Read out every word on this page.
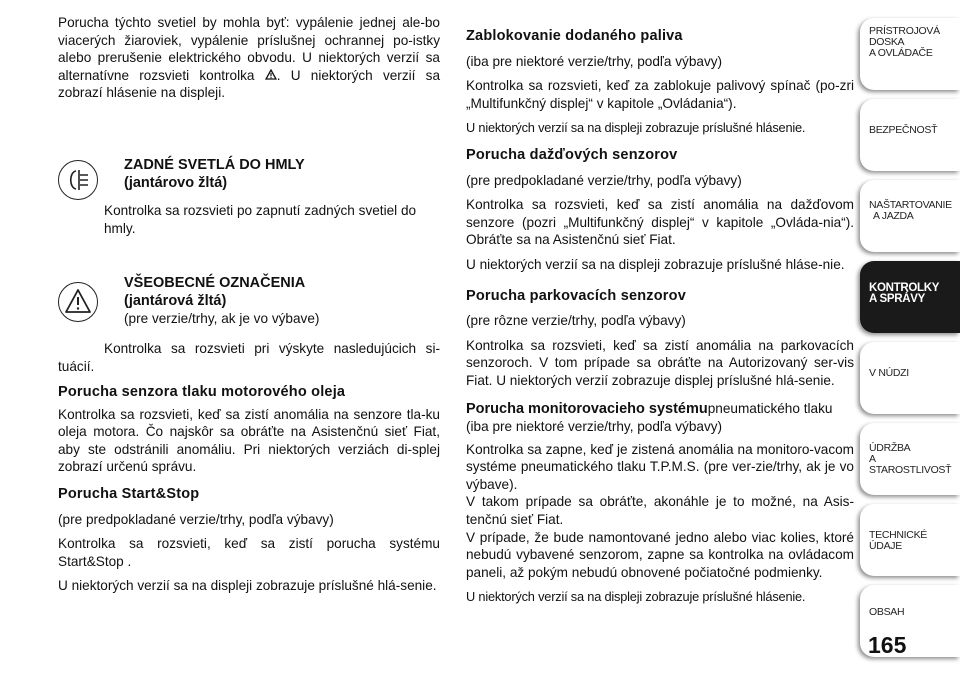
Porucha týchto svetiel by mohla byť: vypálenie jednej ale-bo viacerých žiaroviek, vypálenie príslušnej ochrannej po-istky alebo prerušenie elektrického obvodu. U niektorých verzií sa alternatívne rozsvieti kontrolka . U niektorých verzií sa zobrazí hlásenie na displeji.

ZADNÉ SVETLÁ DO HMLY
(jantárovo žltá)
Kontrolka sa rozsvieti po zapnutí zadných svetiel do hmly.
VŠEOBECNÉ OZNAČENIA
(jantárová žltá)
(pre verzie/trhy, ak je vo výbave)
Kontrolka sa rozsvieti pri výskyte nasledujúcich si-tuácií.

Porucha senzora tlaku motorového oleja

Kontrolka sa rozsvieti, keď sa zistí anomália na senzore tla-ku oleja motora. Čo najskôr sa obráťte na Asistenčnú sieť Fiat, aby ste odstránili anomáliu. Pri niektorých verziách di-splej zobrazí určenú správu.

Porucha Start&Stop

(pre predpokladané verzie/trhy, podľa výbavy)

Kontrolka sa rozsvieti, keď sa zistí porucha systému Start&Stop .

U niektorých verzií sa na displeji zobrazuje príslušné hlá-senie.

Zablokovanie dodaného paliva

(iba pre niektoré verzie/trhy, podľa výbavy)

Kontrolka sa rozsvieti, keď za zablokuje palivový spínač (po-zri „Multifunkčný displej“ v kapitole „Ovládania“).

U niektorých verzií sa na displeji zobrazuje príslušné hlásenie.

Porucha dažďových senzorov

(pre predpokladané verzie/trhy, podľa výbavy)

Kontrolka sa rozsvieti, keď sa zistí anomália na dažďovom senzore (pozri „Multifunkčný displej“ v kapitole „Ovláda-nia“). Obráťte sa na Asistenčnú sieť Fiat.

U niektorých verzií sa na displeji zobrazuje príslušné hláse-nie.

Porucha parkovacích senzorov

(pre rôzne verzie/trhy, podľa výbavy)

Kontrolka sa rozsvieti, keď sa zistí anomália na parkovacích senzoroch. V tom prípade sa obráťte na Autorizovaný ser-vis Fiat. U niektorých verzií zobrazuje displej príslušné hlá-senie.

Porucha monitorovacieho systémupneumatického tlaku (iba pre niektoré verzie/trhy, podľa výbavy)

Kontrolka sa zapne, keď je zistená anomália na monitoro-vacom systéme pneumatického tlaku T.P.M.S. (pre ver-zie/trhy, ak je vo výbave).

V takom prípade sa obráťte, akonáhle je to možné, na Asis-tenčnú sieť Fiat.

V prípade, že bude namontované jedno alebo viac kolies, ktoré nebudú vybavené senzorom, zapne sa kontrolka na ovládacom paneli, až pokým nebudú obnovené počiatočné podmienky.

U niektorých verzií sa na displeji zobrazuje príslušné hlásenie.

PRÍSTROJOVÁ
DOSKA
A OVLÁDAČE
BEZPEČNOSŤ
NAŠTARTOVANIE
A JAZDA
KONTROLKY
A SPRÁVY
V NÚDZI
ÚDRŽBA
A STAROSTLIVOSŤ
TECHNICKÉ ÚDAJE
OBSAH
165
